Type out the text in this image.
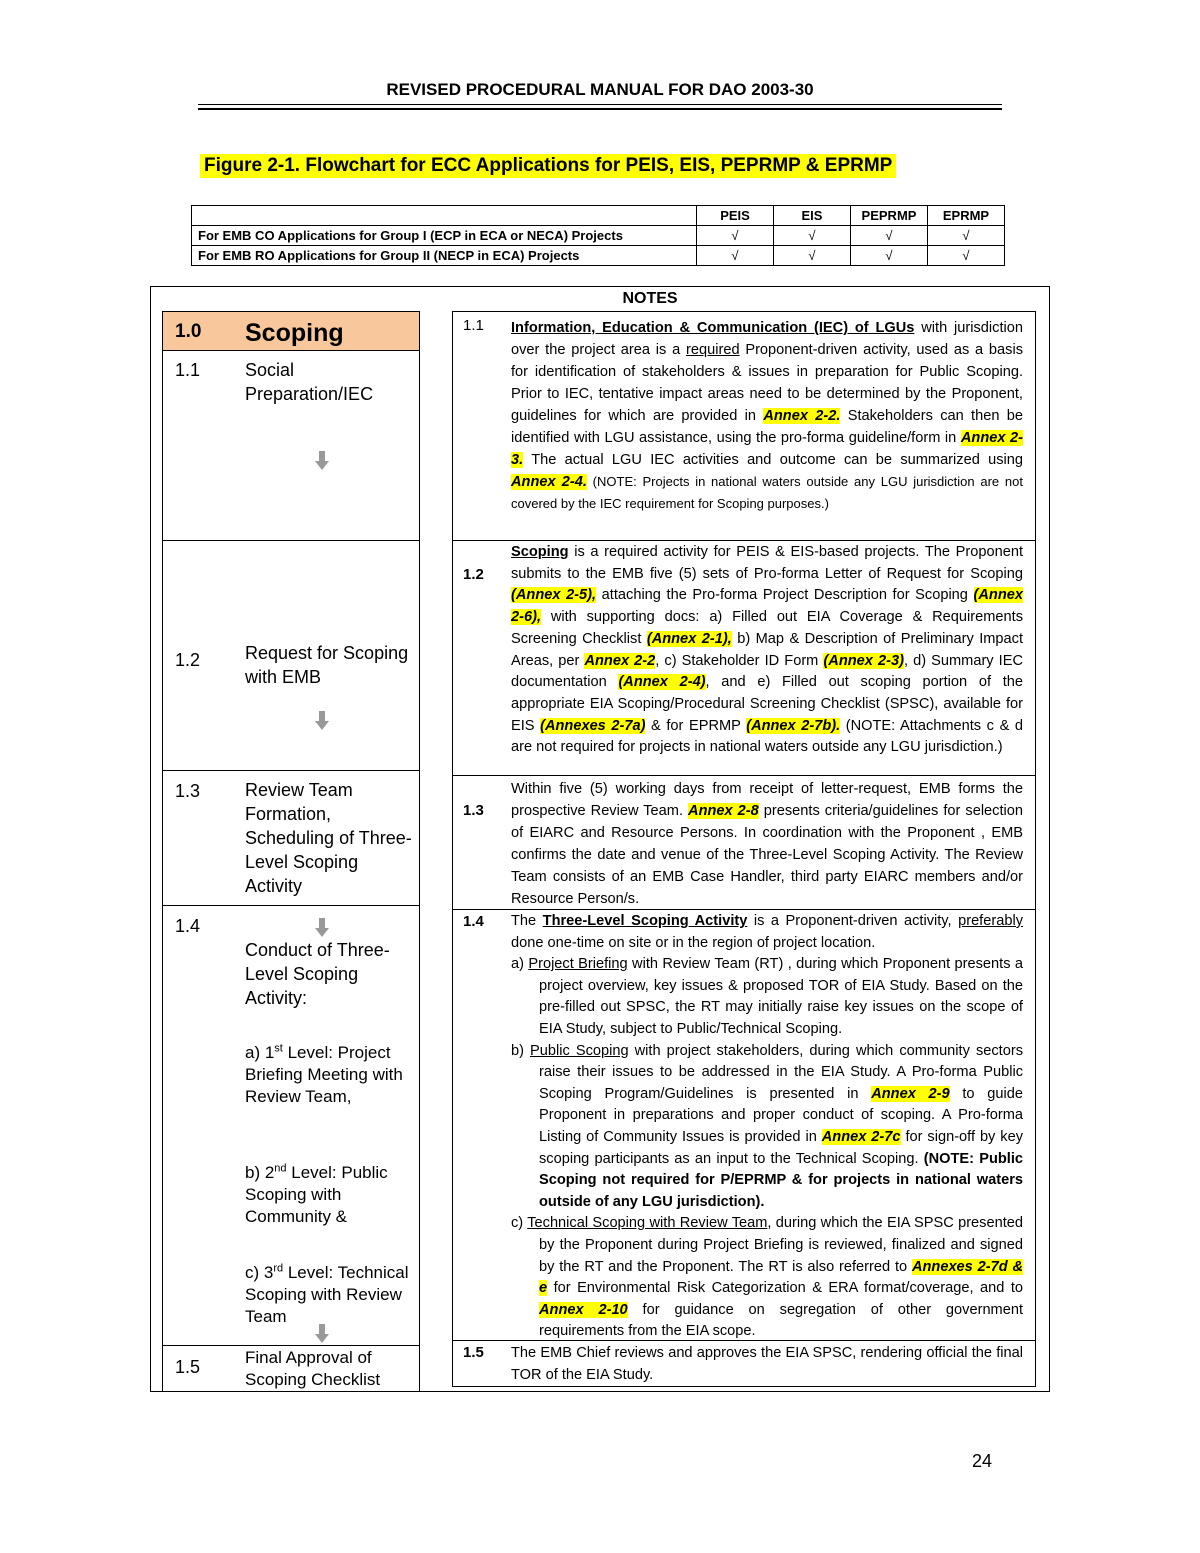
REVISED PROCEDURAL MANUAL FOR DAO 2003-30
Figure 2-1. Flowchart for ECC Applications for PEIS, EIS, PEPRMP & EPRMP
	PEIS	EIS	PEPRMP	EPRMP
For EMB CO Applications for Group I (ECP in ECA or NECA) Projects	√	√	√	√
For EMB RO Applications for Group II (NECP in ECA) Projects	√	√	√	√
NOTES
1.0 Scoping
1.1 Social Preparation/IEC
1.2 Request for Scoping with EMB
1.3 Review Team Formation, Scheduling of Three-Level Scoping Activity
1.4
Conduct of Three-Level Scoping Activity:
a) 1st Level: Project Briefing Meeting with Review Team,
b) 2nd Level: Public Scoping with Community &
c) 3rd Level: Technical Scoping with Review Team
1.5	Final Approval of Scoping Checklist
1.1 Information, Education & Communication (IEC) of LGUs with jurisdiction over the project area is a required Proponent-driven activity, used as a basis for identification of stakeholders & issues in preparation for Public Scoping. Prior to IEC, tentative impact areas need to be determined by the Proponent, guidelines for which are provided in Annex 2-2. Stakeholders can then be identified with LGU assistance, using the pro-forma guideline/form in Annex 2-3. The actual LGU IEC activities and outcome can be summarized using Annex 2-4. (NOTE: Projects in national waters outside any LGU jurisdiction are not covered by the IEC requirement for Scoping purposes.)

1.2

Scoping is a required activity for PEIS & EIS-based projects. The Proponent submits to the EMB five (5) sets of Pro-forma Letter of Request for Scoping (Annex 2-5), attaching the Pro-forma Project Description for Scoping (Annex 2-6), with supporting docs: a) Filled out EIA Coverage & Requirements Screening Checklist (Annex 2-1), b) Map & Description of Preliminary Impact Areas, per Annex 2-2, c) Stakeholder ID Form (Annex 2-3), d) Summary IEC documentation (Annex 2-4), and e) Filled out scoping portion of the appropriate EIA Scoping/Procedural Screening Checklist (SPSC), available for EIS (Annexes 2-7a) & for EPRMP (Annex 2-7b). (NOTE: Attachments c & d are not required for projects in national waters outside any LGU jurisdiction.)

1.3

Within five (5) working days from receipt of letter-request, EMB forms the prospective Review Team. Annex 2-8 presents criteria/guidelines for selection of EIARC and Resource Persons. In coordination with the Proponent , EMB confirms the date and venue of the Three-Level Scoping Activity. The Review Team consists of an EMB Case Handler, third party EIARC members and/or Resource Person/s.

1.4 The Three-Level Scoping Activity is a Proponent-driven activity, preferably done one-time on site or in the region of project location.

a) Project Briefing with Review Team (RT) , during which Proponent presents a project overview, key issues & proposed TOR of EIA Study. Based on the pre-filled out SPSC, the RT may initially raise key issues on the scope of EIA Study, subject to Public/Technical Scoping.

b) Public Scoping with project stakeholders, during which community sectors raise their issues to be addressed in the EIA Study. A Pro-forma Public Scoping Program/Guidelines is presented in Annex 2-9 to guide Proponent in preparations and proper conduct of scoping. A Pro-forma Listing of Community Issues is provided in Annex 2-7c for sign-off by key scoping participants as an input to the Technical Scoping. (NOTE: Public Scoping not required for P/EPRMP & for projects in national waters outside of any LGU jurisdiction).

c) Technical Scoping with Review Team, during which the EIA SPSC presented by the Proponent during Project Briefing is reviewed, finalized and signed by the RT and the Proponent. The RT is also referred to Annexes 2-7d & e for Environmental Risk Categorization & ERA format/coverage, and to Annex 2-10 for guidance on segregation of other government requirements from the EIA scope.

1.5 The EMB Chief reviews and approves the EIA SPSC, rendering official the final TOR of the EIA Study.
24
